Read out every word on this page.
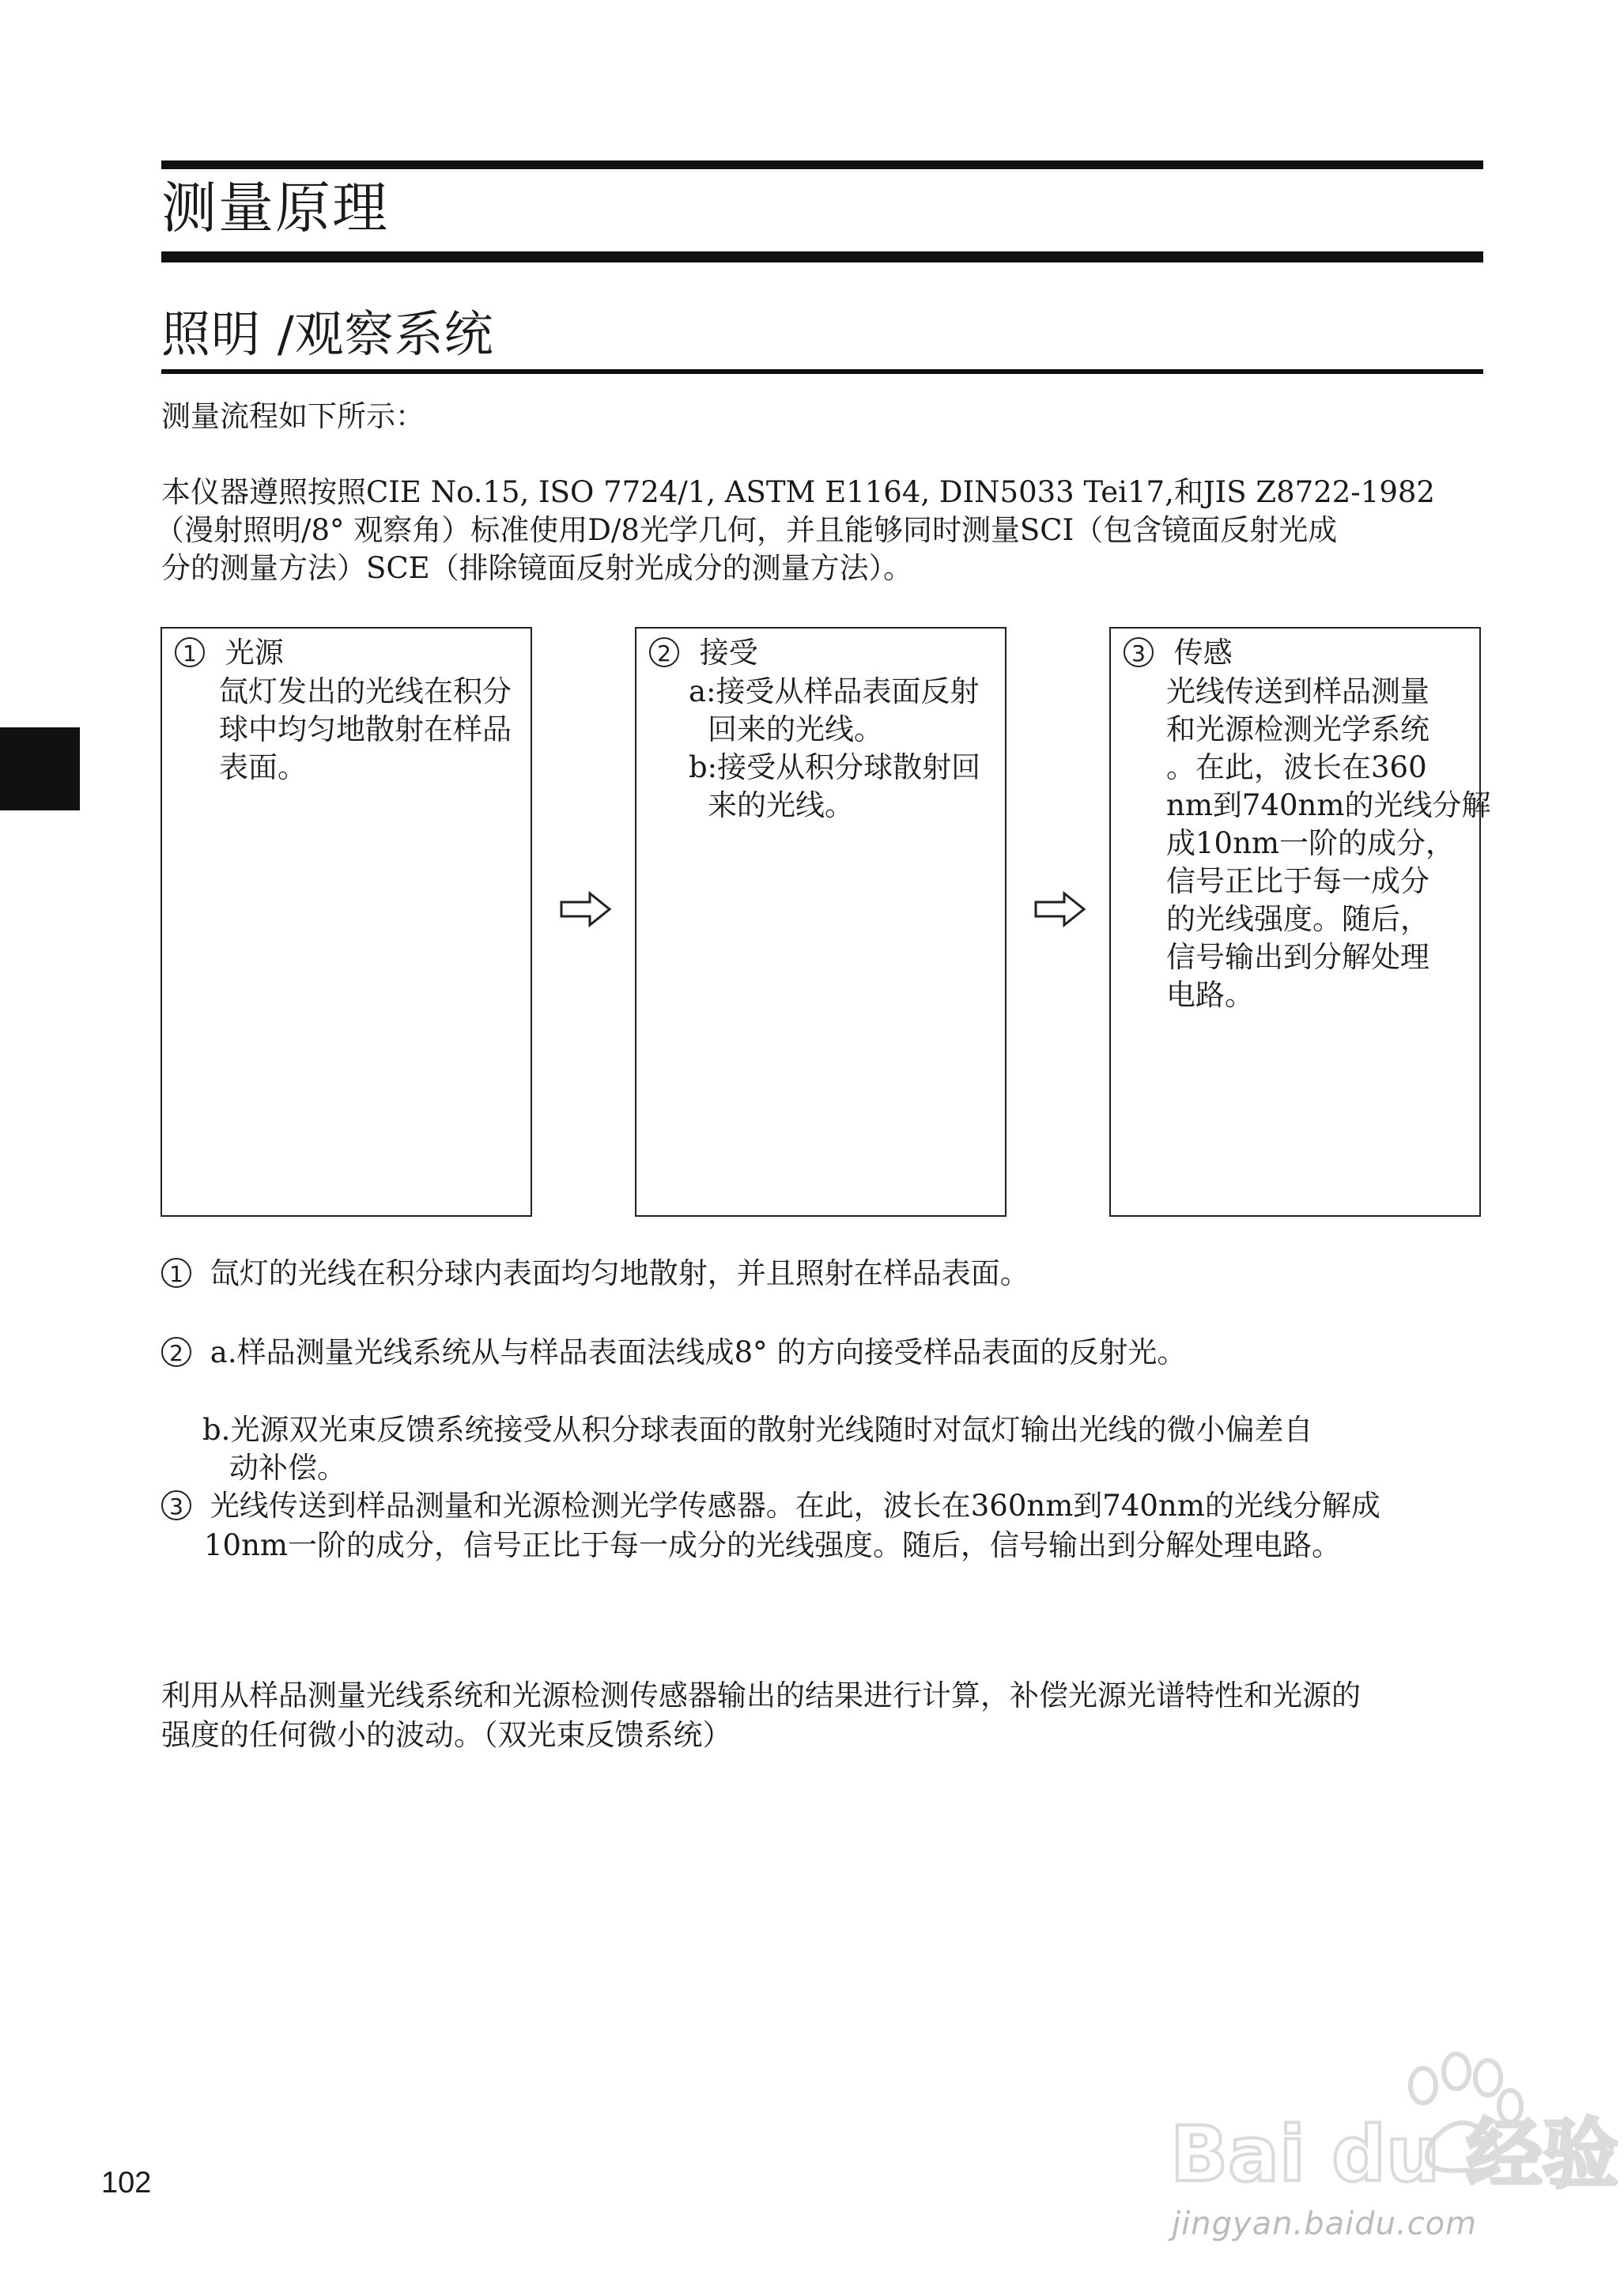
测量原理
照明 /观察系统
测量流程如下所示：
本仪器遵照按照CIE No.15, ISO 7724/1, ASTM E1164, DIN5033 Tei17,和JIS Z8722-1982
（漫射照明/8° 观察角）标准使用D/8光学几何，并且能够同时测量SCI（包含镜面反射光成
分的测量方法）SCE（排除镜面反射光成分的测量方法）。
1 光源
氙灯发出的光线在积分
球中均匀地散射在样品
表面。
2 接受
a:接受从样品表面反射
回来的光线。
b:接受从积分球散射回
来的光线。
3 传感
光线传送到样品测量
和光源检测光学系统
。在此，波长在360
nm到740nm的光线分解
成10nm一阶的成分，
信号正比于每一成分
的光线强度。随后，
信号输出到分解处理
电路。
1 氙灯的光线在积分球内表面均匀地散射，并且照射在样品表面。
2 a.样品测量光线系统从与样品表面法线成8° 的方向接受样品表面的反射光。
b.光源双光束反馈系统接受从积分球表面的散射光线随时对氙灯输出光线的微小偏差自
动补偿。
3 光线传送到样品测量和光源检测光学传感器。在此，波长在360nm到740nm的光线分解成
10nm一阶的成分，信号正比于每一成分的光线强度。随后，信号输出到分解处理电路。
利用从样品测量光线系统和光源检测传感器输出的结果进行计算，补偿光源光谱特性和光源的
强度的任何微小的波动。（双光束反馈系统）
102	Bai du 经验
jingyan.baidu.com
